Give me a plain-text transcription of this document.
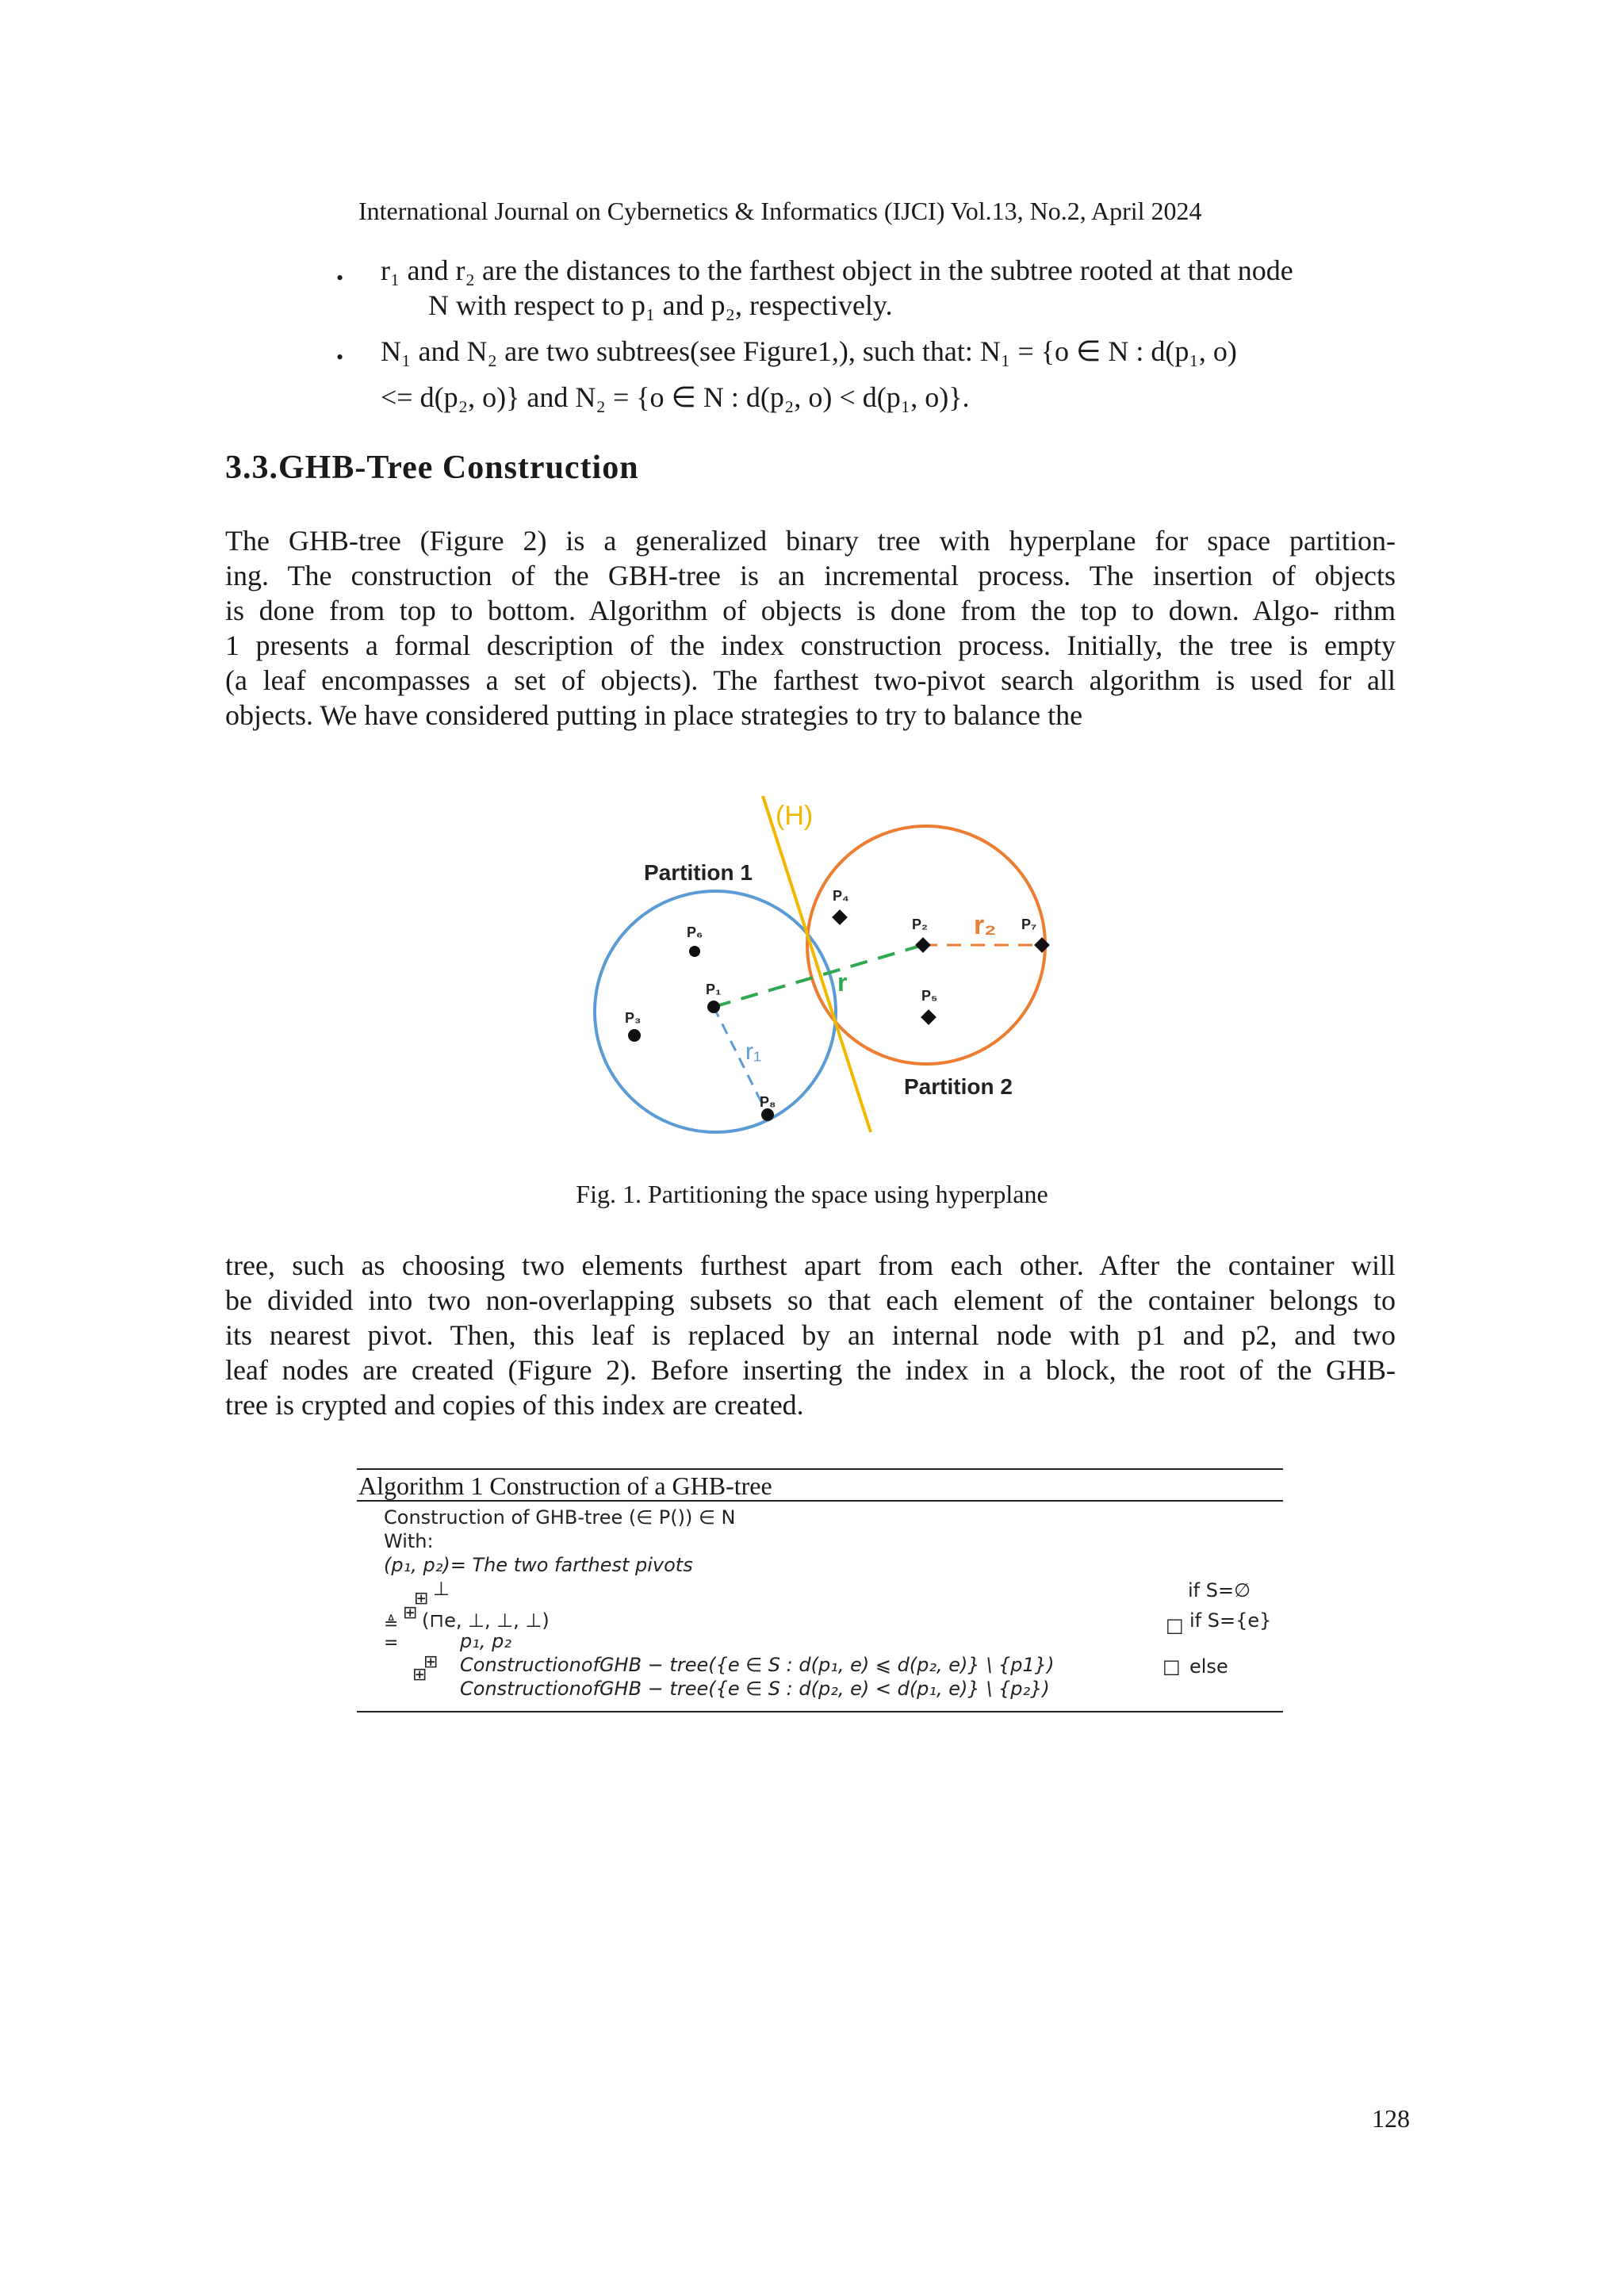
International Journal on Cybernetics & Informatics (IJCI) Vol.13, No.2, April 2024
• r₁ and r₂ are the distances to the farthest object in the subtree rooted at that node
N with respect to p₁ and p₂, respectively.
• N₁ and N₂ are two subtrees(see Figure1,), such that: N₁ = {o ∈ N : d(p₁, o)
<= d(p₂, o)} and N₂ = {o ∈ N : d(p₂, o) < d(p₁, o)}.
3.3.GHB-Tree Construction
The GHB-tree (Figure 2) is a generalized binary tree with hyperplane for space partition-
ing. The construction of the GBH-tree is an incremental process. The insertion of objects
is done from top to bottom. Algorithm of objects is done from the top to down. Algo- rithm
1 presents a formal description of the index construction process. Initially, the tree is empty
(a leaf encompasses a set of objects). The farthest two-pivot search algorithm is used for all
objects. We have considered putting in place strategies to try to balance the
(H)
Partition 1
Partition 2
P₁
P₂
P₃
P₄
P₅
P₆	P₇
P₈
r₂
r
r₁
Fig. 1. Partitioning the space using hyperplane
tree, such as choosing two elements furthest apart from each other. After the container will
be divided into two non-overlapping subsets so that each element of the container belongs to
its nearest pivot. Then, this leaf is replaced by an internal node with p1 and p2, and two
leaf nodes are created (Figure 2). Before inserting the index in a block, the root of the GHB-
tree is crypted and copies of this index are created.
Algorithm 1 Construction of a GHB-tree
Construction of GHB-tree (∈ P()) ∈ N
With:
(p₁, p₂)= The two farthest pivots
⊥
⊞
≜
⊞ (⊓e, ⊥, ⊥, ⊥)
=	p₁, p₂
⊞
⊞ ConstructionofGHB − tree({e ∈ S : d(p₁, e) ⩽ d(p₂, e)} \ {p1})
ConstructionofGHB − tree({e ∈ S : d(p₂, e) < d(p₁, e)} \ {p₂})
if S=∅
□ if S={e}
□ else
128
